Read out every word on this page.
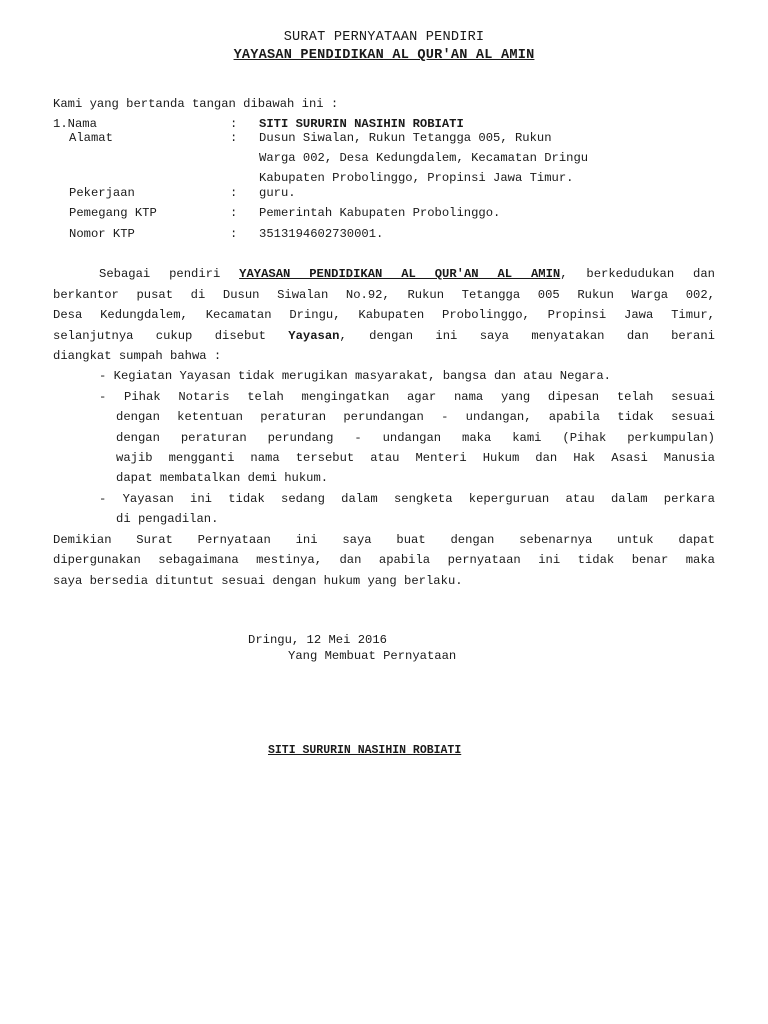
SURAT PERNYATAAN PENDIRI
YAYASAN PENDIDIKAN AL QUR'AN AL AMIN
Kami yang bertanda tangan dibawah ini :
1.Nama	: SITI SURURIN NASIHIN ROBIATI
Alamat	: Dusun Siwalan, Rukun Tetangga 005, Rukun
Warga 002, Desa Kedungdalem, Kecamatan Dringu
Kabupaten Probolinggo, Propinsi Jawa Timur.
Pekerjaan	: guru.
Pemegang KTP	: Pemerintah Kabupaten Probolinggo.
Nomor KTP	: 3513194602730001.
Sebagai pendiri YAYASAN PENDIDIKAN AL QUR'AN AL AMIN, berkedudukan dan
berkantor pusat di Dusun Siwalan No.92, Rukun Tetangga 005 Rukun Warga 002,
Desa Kedungdalem, Kecamatan Dringu, Kabupaten Probolinggo, Propinsi Jawa Timur,
selanjutnya cukup disebut Yayasan, dengan ini saya menyatakan dan berani
diangkat sumpah bahwa :
- Kegiatan Yayasan tidak merugikan masyarakat, bangsa dan atau Negara.
- Pihak Notaris telah mengingatkan agar nama yang dipesan telah sesuai
dengan ketentuan peraturan perundangan - undangan, apabila tidak sesuai
dengan peraturan perundang - undangan maka kami (Pihak perkumpulan)
wajib mengganti nama tersebut atau Menteri Hukum dan Hak Asasi Manusia
dapat membatalkan demi hukum.
- Yayasan ini tidak sedang dalam sengketa keperguruan atau dalam perkara
di pengadilan.
Demikian Surat Pernyataan ini saya buat dengan sebenarnya untuk dapat
dipergunakan sebagaimana mestinya, dan apabila pernyataan ini tidak benar maka
saya bersedia dituntut sesuai dengan hukum yang berlaku.
Dringu, 12 Mei 2016
Yang Membuat Pernyataan
SITI SURURIN NASIHIN ROBIATI
